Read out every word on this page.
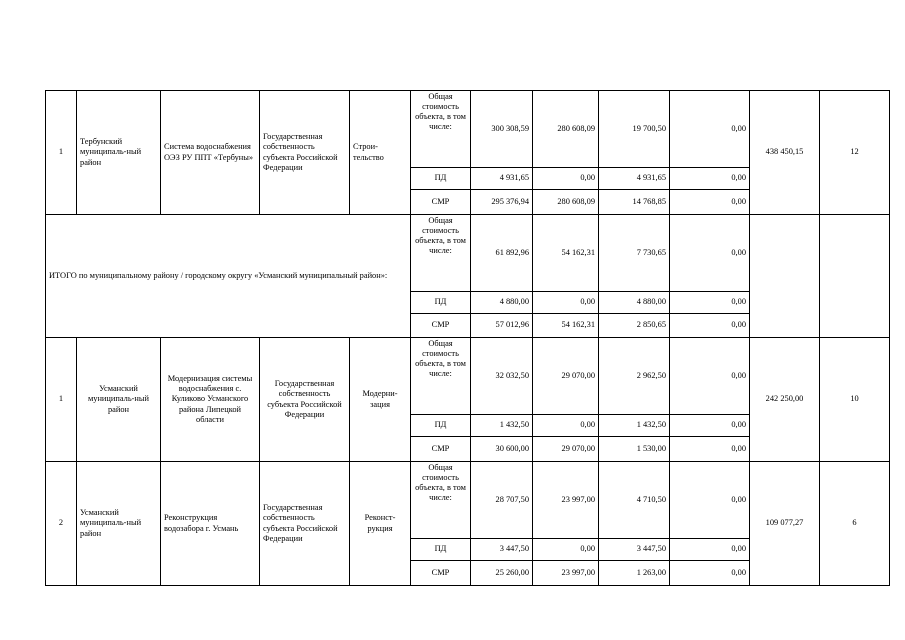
1	Тербунский муниципаль-ный район	Система водоснабжения ОЭЗ РУ ППТ «Тербуны»	Государственная собственность субъекта Российской Федерации	Строи-тельство	Общая стоимость объекта, в том числе:	300 308,59	280 608,09	19 700,50	0,00	438 450,15	12
					ПД	4 931,65	0,00	4 931,65	0,00		
					СМР	295 376,94	280 608,09	14 768,85	0,00		
ИТОГО по муниципальному району / городскому округу «Усманский муниципальный район»:					Общая стоимость объекта, в том числе:	61 892,96	54 162,31	7 730,65	0,00		
					ПД	4 880,00	0,00	4 880,00	0,00		
					СМР	57 012,96	54 162,31	2 850,65	0,00		
1	Усманский муниципаль-ный район	Модернизация системы водоснабжения с. Куликово Усманского района Липецкой области	Государственная собственность субъекта Российской Федерации	Модерни-зация	Общая стоимость объекта, в том числе:	32 032,50	29 070,00	2 962,50	0,00	242 250,00	10
					ПД	1 432,50	0,00	1 432,50	0,00		
					СМР	30 600,00	29 070,00	1 530,00	0,00		
2	Усманский муниципаль-ный район	Реконструкция водозабора г. Усмань	Государственная собственность субъекта Российской Федерации	Реконст-рукция	Общая стоимость объекта, в том числе:	28 707,50	23 997,00	4 710,50	0,00	109 077,27	6
					ПД	3 447,50	0,00	3 447,50	0,00		
					СМР	25 260,00	23 997,00	1 263,00	0,00		
